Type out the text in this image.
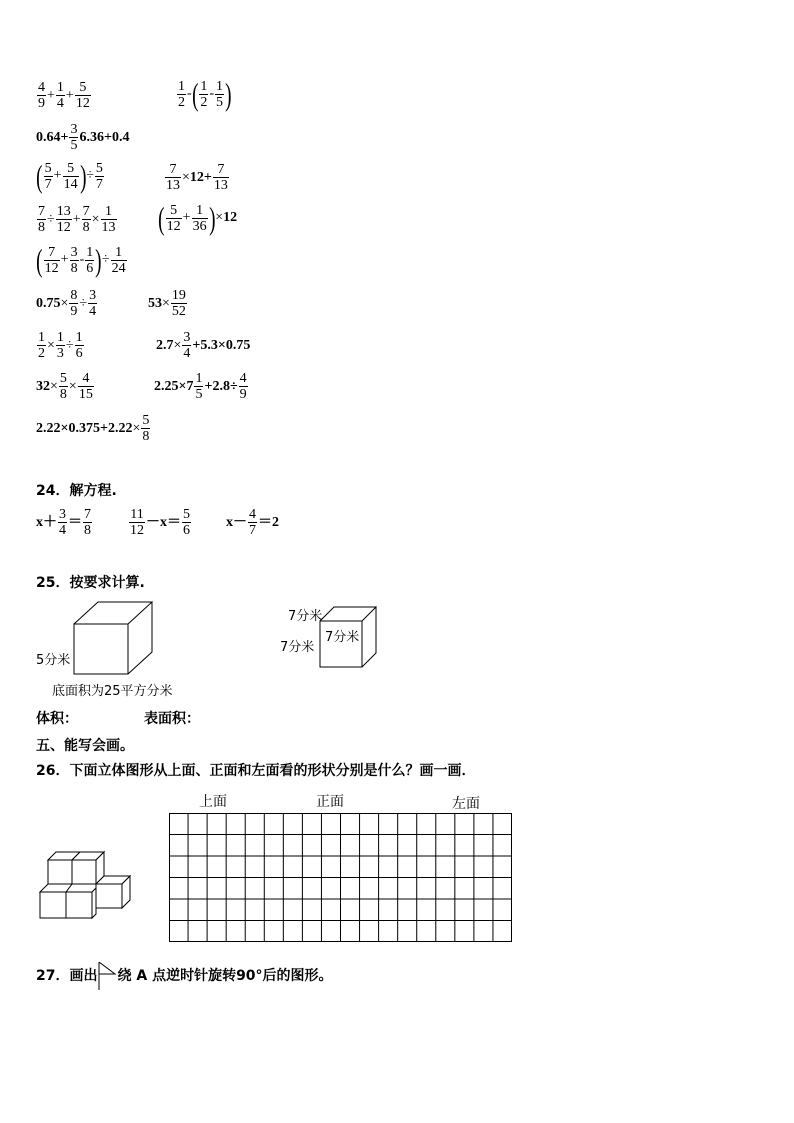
$\frac{4}{9} + \frac{1}{4} + \frac{5}{12}$	$\frac{1}{2}$ -( $\frac{1}{2} - \frac{1}{5}$ )
$0.64+ \frac{3}{5} 6.36+0.4$
( $\frac{5}{7} + \frac{5}{14}$ )÷ $\frac{5}{7}$	$\frac{7}{13} \times 12+ \frac{7}{13}$
$\frac{7}{8} \div \frac{13}{12} + \frac{7}{8} \times \frac{1}{13}$ ( $\frac{5}{12} + \frac{1}{36} )\times 12$
( $\frac{7}{12} + \frac{3}{8} - \frac{1}{6}$ )÷ $\frac{1}{24}$
$0.75\times \frac{8}{9} \div \frac{3}{4}$	$53\times \frac{19}{52}$
$\frac{1}{2} \times \frac{1}{3} \div \frac{1}{6}$	$2.7\times \frac{3}{4} +5.3\times 0.75$
$32\times \frac{5}{8} \times \frac{4}{15}$	$2.25\times 7 \frac{1}{5} +2.8\div \frac{4}{9}$
$2.22\times 0.375+2.22\times \frac{5}{8}$
24．解方程.
$x+ \frac{3}{4} = \frac{7}{8}$	$\frac{11}{12} -x= \frac{5}{6}$	$x- \frac{4}{7} =2$
25．按要求计算.
5分米
底面积为25平方分米
7分米
7分米
7分米
体积：	表面积：
五、能写会画。
26．下面立体图形从上面、正面和左面看的形状分别是什么？画一画．
上面	正面	左面
27．画出 绕 A 点逆时针旋转90°后的图形。
